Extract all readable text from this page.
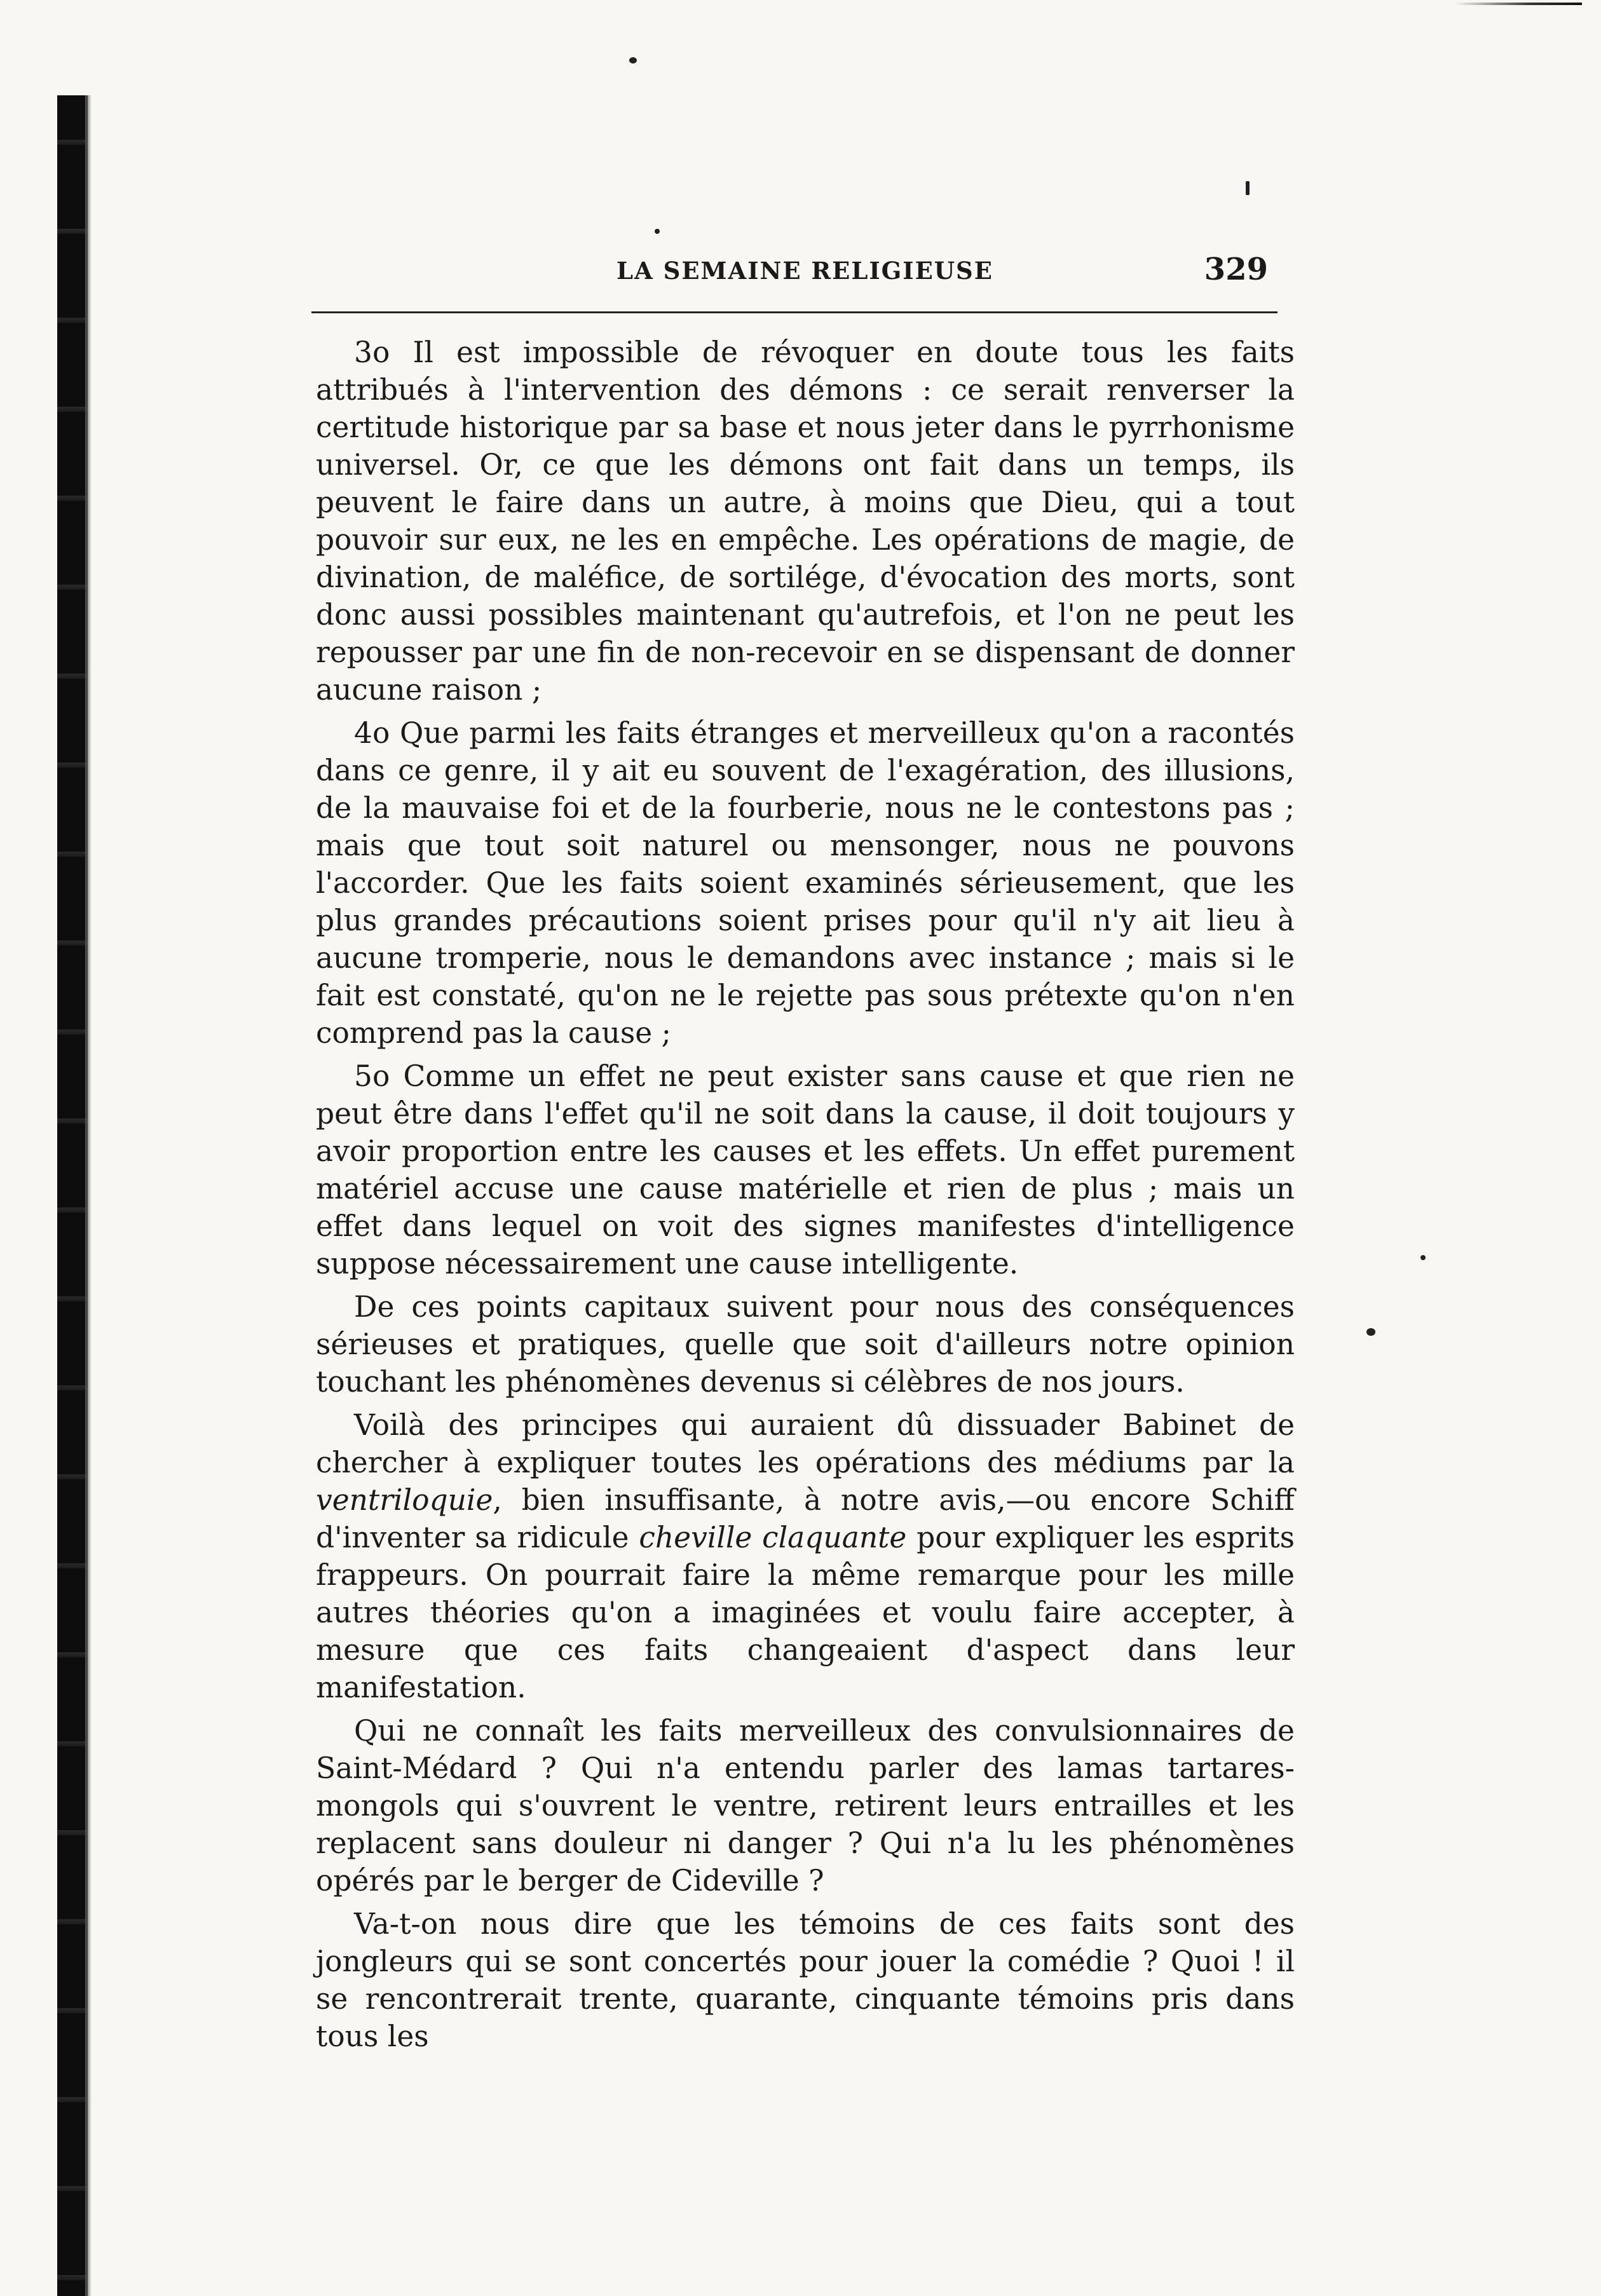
LA SEMAINE RELIGIEUSE	329

3o Il est impossible de révoquer en doute tous les faits attribués à l'intervention des démons : ce serait renverser la certitude historique par sa base et nous jeter dans le pyrrhonisme universel. Or, ce que les démons ont fait dans un temps, ils peuvent le faire dans un autre, à moins que Dieu, qui a tout pouvoir sur eux, ne les en empêche. Les opérations de magie, de divination, de maléfice, de sortilége, d'évocation des morts, sont donc aussi possibles maintenant qu'autrefois, et l'on ne peut les repousser par une fin de non-recevoir en se dispensant de donner aucune raison ;

4o Que parmi les faits étranges et merveilleux qu'on a racontés dans ce genre, il y ait eu souvent de l'exagération, des illusions, de la mauvaise foi et de la fourberie, nous ne le contestons pas ; mais que tout soit naturel ou mensonger, nous ne pouvons l'accorder. Que les faits soient examinés sérieusement, que les plus grandes précautions soient prises pour qu'il n'y ait lieu à aucune tromperie, nous le demandons avec instance ; mais si le fait est constaté, qu'on ne le rejette pas sous prétexte qu'on n'en comprend pas la cause ;

5o Comme un effet ne peut exister sans cause et que rien ne peut être dans l'effet qu'il ne soit dans la cause, il doit toujours y avoir proportion entre les causes et les effets. Un effet purement matériel accuse une cause matérielle et rien de plus ; mais un effet dans lequel on voit des signes manifestes d'intelligence suppose nécessairement une cause intelligente.

De ces points capitaux suivent pour nous des conséquences sérieuses et pratiques, quelle que soit d'ailleurs notre opinion touchant les phénomènes devenus si célèbres de nos jours.

Voilà des principes qui auraient dû dissuader Babinet de chercher à expliquer toutes les opérations des médiums par la ventriloquie, bien insuffisante, à notre avis,—ou encore Schiff d'inventer sa ridicule cheville claquante pour expliquer les esprits frappeurs. On pourrait faire la même remarque pour les mille autres théories qu'on a imaginées et voulu faire accepter, à mesure que ces faits changeaient d'aspect dans leur manifestation.

Qui ne connaît les faits merveilleux des convulsionnaires de Saint-Médard ? Qui n'a entendu parler des lamas tartares-mongols qui s'ouvrent le ventre, retirent leurs entrailles et les replacent sans douleur ni danger ? Qui n'a lu les phénomènes opérés par le berger de Cideville ?

Va-t-on nous dire que les témoins de ces faits sont des jongleurs qui se sont concertés pour jouer la comédie ? Quoi ! il se rencontrerait trente, quarante, cinquante témoins pris dans tous les
